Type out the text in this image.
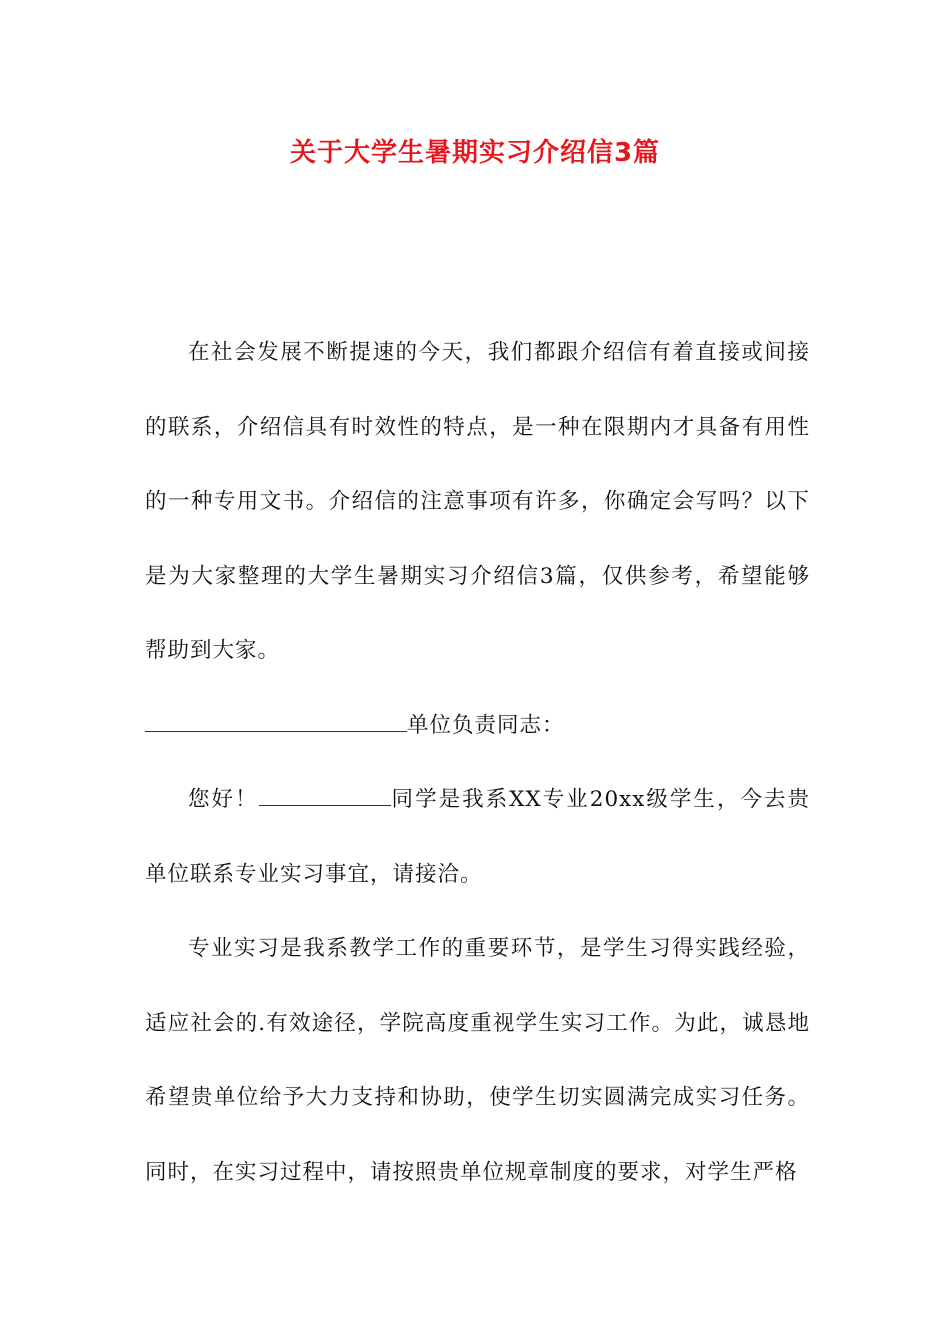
关于大学生暑期实习介绍信3篇

在社会发展不断提速的今天，我们都跟介绍信有着直接或间接的联系，介绍信具有时效性的特点，是一种在限期内才具备有用性的一种专用文书。介绍信的注意事项有许多，你确定会写吗？以下是为大家整理的大学生暑期实习介绍信3篇，仅供参考，希望能够帮助到大家。

单位负责同志：

您好！	同学是我系XX专业20xx级学生，今去贵单位联系专业实习事宜，请接洽。

专业实习是我系教学工作的重要环节，是学生习得实践经验，适应社会的.有效途径，学院高度重视学生实习工作。为此，诚恳地希望贵单位给予大力支持和协助，使学生切实圆满完成实习任务。同时，在实习过程中，请按照贵单位规章制度的要求，对学生严格
